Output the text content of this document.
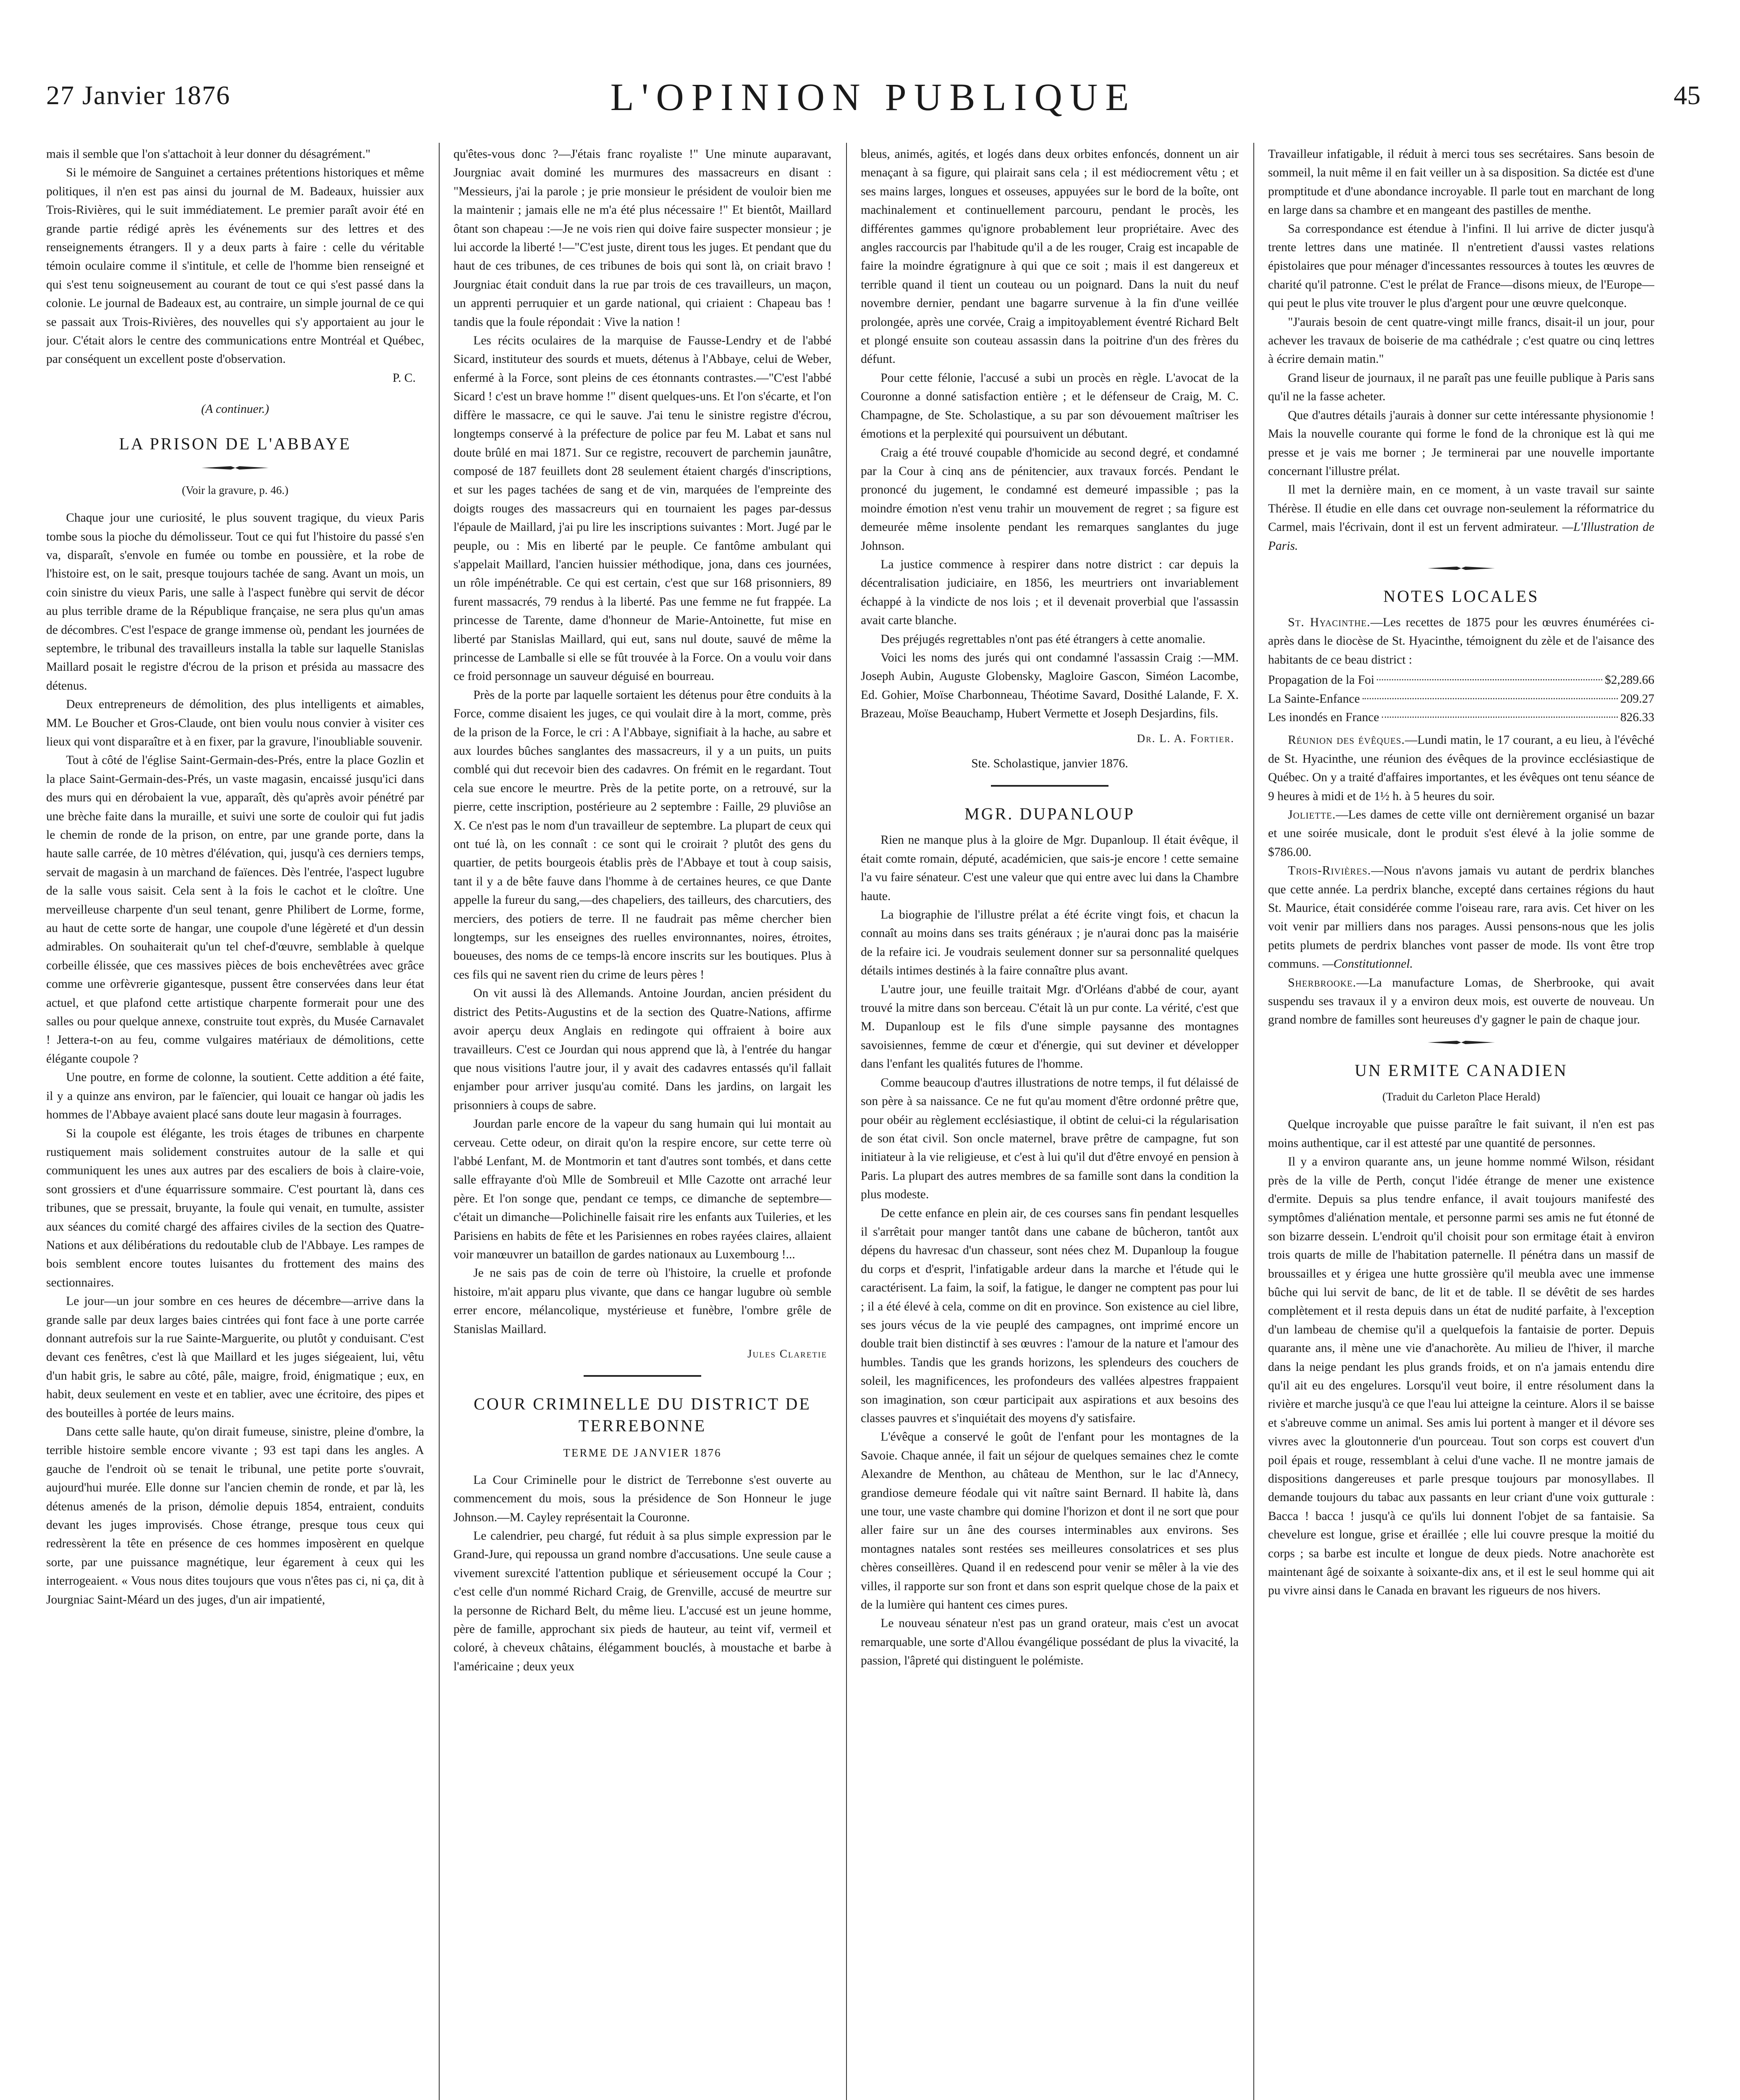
27 Janvier 1876	L'OPINION PUBLIQUE	45

mais il semble que l'on s'attachoit à leur donner du désagrément."

Si le mémoire de Sanguinet a certaines prétentions historiques et même politiques, il n'en est pas ainsi du journal de M. Badeaux, huissier aux Trois-Rivières, qui le suit immédiatement. Le premier paraît avoir été en grande partie rédigé après les événements sur des lettres et des renseignements étrangers. Il y a deux parts à faire : celle du véritable témoin oculaire comme il s'intitule, et celle de l'homme bien renseigné et qui s'est tenu soigneusement au courant de tout ce qui s'est passé dans la colonie. Le journal de Badeaux est, au contraire, un simple journal de ce qui se passait aux Trois-Rivières, des nouvelles qui s'y apportaient au jour le jour. C'était alors le centre des communications entre Montréal et Québec, par conséquent un excellent poste d'observation.

P. C.

(A continuer.)

LA PRISON DE L'ABBAYE

(Voir la gravure, p. 46.)

Chaque jour une curiosité, le plus souvent tragique, du vieux Paris tombe sous la pioche du démolisseur. Tout ce qui fut l'histoire du passé s'en va, disparaît, s'envole en fumée ou tombe en poussière, et la robe de l'histoire est, on le sait, presque toujours tachée de sang. Avant un mois, un coin sinistre du vieux Paris, une salle à l'aspect funèbre qui servit de décor au plus terrible drame de la République française, ne sera plus qu'un amas de décombres. C'est l'espace de grange immense où, pendant les journées de septembre, le tribunal des travailleurs installa la table sur laquelle Stanislas Maillard posait le registre d'écrou de la prison et présida au massacre des détenus.

Deux entrepreneurs de démolition, des plus intelligents et aimables, MM. Le Boucher et Gros-Claude, ont bien voulu nous convier à visiter ces lieux qui vont disparaître et à en fixer, par la gravure, l'inoubliable souvenir.

Tout à côté de l'église Saint-Germain-des-Prés, entre la place Gozlin et la place Saint-Germain-des-Prés, un vaste magasin, encaissé jusqu'ici dans des murs qui en dérobaient la vue, apparaît, dès qu'après avoir pénétré par une brèche faite dans la muraille, et suivi une sorte de couloir qui fut jadis le chemin de ronde de la prison, on entre, par une grande porte, dans la haute salle carrée, de 10 mètres d'élévation, qui, jusqu'à ces derniers temps, servait de magasin à un marchand de faïences. Dès l'entrée, l'aspect lugubre de la salle vous saisit. Cela sent à la fois le cachot et le cloître. Une merveilleuse charpente d'un seul tenant, genre Philibert de Lorme, forme, au haut de cette sorte de hangar, une coupole d'une légèreté et d'un dessin admirables. On souhaiterait qu'un tel chef-d'œuvre, semblable à quelque corbeille élissée, que ces massives pièces de bois enchevêtrées avec grâce comme une orfèvrerie gigantesque, pussent être conservées dans leur état actuel, et que plafond cette artistique charpente formerait pour une des salles ou pour quelque annexe, construite tout exprès, du Musée Carnavalet ! Jettera-t-on au feu, comme vulgaires matériaux de démolitions, cette élégante coupole ?

Une poutre, en forme de colonne, la soutient. Cette addition a été faite, il y a quinze ans environ, par le faïencier, qui louait ce hangar où jadis les hommes de l'Abbaye avaient placé sans doute leur magasin à fourrages.

Si la coupole est élégante, les trois étages de tribunes en charpente rustiquement mais solidement construites autour de la salle et qui communiquent les unes aux autres par des escaliers de bois à claire-voie, sont grossiers et d'une équarrissure sommaire. C'est pourtant là, dans ces tribunes, que se pressait, bruyante, la foule qui venait, en tumulte, assister aux séances du comité chargé des affaires civiles de la section des Quatre-Nations et aux délibérations du redoutable club de l'Abbaye. Les rampes de bois semblent encore toutes luisantes du frottement des mains des sectionnaires.

Le jour—un jour sombre en ces heures de décembre—arrive dans la grande salle par deux larges baies cintrées qui font face à une porte carrée donnant autrefois sur la rue Sainte-Marguerite, ou plutôt y conduisant. C'est devant ces fenêtres, c'est là que Maillard et les juges siégeaient, lui, vêtu d'un habit gris, le sabre au côté, pâle, maigre, froid, énigmatique ; eux, en habit, deux seulement en veste et en tablier, avec une écritoire, des pipes et des bouteilles à portée de leurs mains.

Dans cette salle haute, qu'on dirait fumeuse, sinistre, pleine d'ombre, la terrible histoire semble encore vivante ; 93 est tapi dans les angles. A gauche de l'endroit où se tenait le tribunal, une petite porte s'ouvrait, aujourd'hui murée. Elle donne sur l'ancien chemin de ronde, et par là, les détenus amenés de la prison, démolie depuis 1854, entraient, conduits devant les juges improvisés. Chose étrange, presque tous ceux qui redressèrent la tête en présence de ces hommes imposèrent en quelque sorte, par une puissance magnétique, leur égarement à ceux qui les interrogeaient. « Vous nous dites toujours que vous n'êtes pas ci, ni ça, dit à Jourgniac Saint-Méard un des juges, d'un air impatienté,

qu'êtes-vous donc ?—J'étais franc royaliste !" Une minute auparavant, Jourgniac avait dominé les murmures des massacreurs en disant : "Messieurs, j'ai la parole ; je prie monsieur le président de vouloir bien me la maintenir ; jamais elle ne m'a été plus nécessaire !" Et bientôt, Maillard ôtant son chapeau :—Je ne vois rien qui doive faire suspecter monsieur ; je lui accorde la liberté !—"C'est juste, dirent tous les juges. Et pendant que du haut de ces tribunes, de ces tribunes de bois qui sont là, on criait bravo ! Jourgniac était conduit dans la rue par trois de ces travailleurs, un maçon, un apprenti perruquier et un garde national, qui criaient : Chapeau bas ! tandis que la foule répondait : Vive la nation !

Les récits oculaires de la marquise de Fausse-Lendry et de l'abbé Sicard, instituteur des sourds et muets, détenus à l'Abbaye, celui de Weber, enfermé à la Force, sont pleins de ces étonnants contrastes.—"C'est l'abbé Sicard ! c'est un brave homme !" disent quelques-uns. Et l'on s'écarte, et l'on diffère le massacre, ce qui le sauve. J'ai tenu le sinistre registre d'écrou, longtemps conservé à la préfecture de police par feu M. Labat et sans nul doute brûlé en mai 1871. Sur ce registre, recouvert de parchemin jaunâtre, composé de 187 feuillets dont 28 seulement étaient chargés d'inscriptions, et sur les pages tachées de sang et de vin, marquées de l'empreinte des doigts rouges des massacreurs qui en tournaient les pages par-dessus l'épaule de Maillard, j'ai pu lire les inscriptions suivantes : Mort. Jugé par le peuple, ou : Mis en liberté par le peuple. Ce fantôme ambulant qui s'appelait Maillard, l'ancien huissier méthodique, jona, dans ces journées, un rôle impénétrable. Ce qui est certain, c'est que sur 168 prisonniers, 89 furent massacrés, 79 rendus à la liberté. Pas une femme ne fut frappée. La princesse de Tarente, dame d'honneur de Marie-Antoinette, fut mise en liberté par Stanislas Maillard, qui eut, sans nul doute, sauvé de même la princesse de Lamballe si elle se fût trouvée à la Force. On a voulu voir dans ce froid personnage un sauveur déguisé en bourreau.

Près de la porte par laquelle sortaient les détenus pour être conduits à la Force, comme disaient les juges, ce qui voulait dire à la mort, comme, près de la prison de la Force, le cri : A l'Abbaye, signifiait à la hache, au sabre et aux lourdes bûches sanglantes des massacreurs, il y a un puits, un puits comblé qui dut recevoir bien des cadavres. On frémit en le regardant. Tout cela sue encore le meurtre. Près de la petite porte, on a retrouvé, sur la pierre, cette inscription, postérieure au 2 septembre : Faille, 29 pluviôse an X. Ce n'est pas le nom d'un travailleur de septembre. La plupart de ceux qui ont tué là, on les connaît : ce sont qui le croirait ? plutôt des gens du quartier, de petits bourgeois établis près de l'Abbaye et tout à coup saisis, tant il y a de bête fauve dans l'homme à de certaines heures, ce que Dante appelle la fureur du sang,—des chapeliers, des tailleurs, des charcutiers, des merciers, des potiers de terre. Il ne faudrait pas même chercher bien longtemps, sur les enseignes des ruelles environnantes, noires, étroites, boueuses, des noms de ce temps-là encore inscrits sur les boutiques. Plus à ces fils qui ne savent rien du crime de leurs pères !

On vit aussi là des Allemands. Antoine Jourdan, ancien président du district des Petits-Augustins et de la section des Quatre-Nations, affirme avoir aperçu deux Anglais en redingote qui offraient à boire aux travailleurs. C'est ce Jourdan qui nous apprend que là, à l'entrée du hangar que nous visitions l'autre jour, il y avait des cadavres entassés qu'il fallait enjamber pour arriver jusqu'au comité. Dans les jardins, on largait les prisonniers à coups de sabre.

Jourdan parle encore de la vapeur du sang humain qui lui montait au cerveau. Cette odeur, on dirait qu'on la respire encore, sur cette terre où l'abbé Lenfant, M. de Montmorin et tant d'autres sont tombés, et dans cette salle effrayante d'où Mlle de Sombreuil et Mlle Cazotte ont arraché leur père. Et l'on songe que, pendant ce temps, ce dimanche de septembre—c'était un dimanche—Polichinelle faisait rire les enfants aux Tuileries, et les Parisiens en habits de fête et les Parisiennes en robes rayées claires, allaient voir manœuvrer un bataillon de gardes nationaux au Luxembourg !...

Je ne sais pas de coin de terre où l'histoire, la cruelle et profonde histoire, m'ait apparu plus vivante, que dans ce hangar lugubre où semble errer encore, mélancolique, mystérieuse et funèbre, l'ombre grêle de Stanislas Maillard.

Jules Claretie

COUR CRIMINELLE DU DISTRICT DE TERREBONNE

TERME DE JANVIER 1876

La Cour Criminelle pour le district de Terrebonne s'est ouverte au commencement du mois, sous la présidence de Son Honneur le juge Johnson.—M. Cayley représentait la Couronne.

Le calendrier, peu chargé, fut réduit à sa plus simple expression par le Grand-Jure, qui repoussa un grand nombre d'accusations. Une seule cause a vivement surexcité l'attention publique et sérieusement occupé la Cour ; c'est celle d'un nommé Richard Craig, de Grenville, accusé de meurtre sur la personne de Richard Belt, du même lieu. L'accusé est un jeune homme, père de famille, approchant six pieds de hauteur, au teint vif, vermeil et coloré, à cheveux châtains, élégamment bouclés, à moustache et barbe à l'américaine ; deux yeux

bleus, animés, agités, et logés dans deux orbites enfoncés, donnent un air menaçant à sa figure, qui plairait sans cela ; il est médiocrement vêtu ; et ses mains larges, longues et osseuses, appuyées sur le bord de la boîte, ont machinalement et continuellement parcouru, pendant le procès, les différentes gammes qu'ignore probablement leur propriétaire. Avec des angles raccourcis par l'habitude qu'il a de les rouger, Craig est incapable de faire la moindre égratignure à qui que ce soit ; mais il est dangereux et terrible quand il tient un couteau ou un poignard. Dans la nuit du neuf novembre dernier, pendant une bagarre survenue à la fin d'une veillée prolongée, après une corvée, Craig a impitoyablement éventré Richard Belt et plongé ensuite son couteau assassin dans la poitrine d'un des frères du défunt.

Pour cette félonie, l'accusé a subi un procès en règle. L'avocat de la Couronne a donné satisfaction entière ; et le défenseur de Craig, M. C. Champagne, de Ste. Scholastique, a su par son dévouement maîtriser les émotions et la perplexité qui poursuivent un débutant.

Craig a été trouvé coupable d'homicide au second degré, et condamné par la Cour à cinq ans de pénitencier, aux travaux forcés. Pendant le prononcé du jugement, le condamné est demeuré impassible ; pas la moindre émotion n'est venu trahir un mouvement de regret ; sa figure est demeurée même insolente pendant les remarques sanglantes du juge Johnson.

La justice commence à respirer dans notre district : car depuis la décentralisation judiciaire, en 1856, les meurtriers ont invariablement échappé à la vindicte de nos lois ; et il devenait proverbial que l'assassin avait carte blanche.

Des préjugés regrettables n'ont pas été étrangers à cette anomalie.

Voici les noms des jurés qui ont condamné l'assassin Craig :—MM. Joseph Aubin, Auguste Globensky, Magloire Gascon, Siméon Lacombe, Ed. Gohier, Moïse Charbonneau, Théotime Savard, Dosithé Lalande, F. X. Brazeau, Moïse Beauchamp, Hubert Vermette et Joseph Desjardins, fils.

Dr. L. A. Fortier.

Ste. Scholastique, janvier 1876.

MGR. DUPANLOUP

Rien ne manque plus à la gloire de Mgr. Dupanloup. Il était évêque, il était comte romain, député, académicien, que sais-je encore ! cette semaine l'a vu faire sénateur. C'est une valeur que qui entre avec lui dans la Chambre haute.

La biographie de l'illustre prélat a été écrite vingt fois, et chacun la connaît au moins dans ses traits généraux ; je n'aurai donc pas la maisérie de la refaire ici. Je voudrais seulement donner sur sa personnalité quelques détails intimes destinés à la faire connaître plus avant.

L'autre jour, une feuille traitait Mgr. d'Orléans d'abbé de cour, ayant trouvé la mitre dans son berceau. C'était là un pur conte. La vérité, c'est que M. Dupanloup est le fils d'une simple paysanne des montagnes savoisiennes, femme de cœur et d'énergie, qui sut deviner et développer dans l'enfant les qualités futures de l'homme.

Comme beaucoup d'autres illustrations de notre temps, il fut délaissé de son père à sa naissance. Ce ne fut qu'au moment d'être ordonné prêtre que, pour obéir au règlement ecclésiastique, il obtint de celui-ci la régularisation de son état civil. Son oncle maternel, brave prêtre de campagne, fut son initiateur à la vie religieuse, et c'est à lui qu'il dut d'être envoyé en pension à Paris. La plupart des autres membres de sa famille sont dans la condition la plus modeste.

De cette enfance en plein air, de ces courses sans fin pendant lesquelles il s'arrêtait pour manger tantôt dans une cabane de bûcheron, tantôt aux dépens du havresac d'un chasseur, sont nées chez M. Dupanloup la fougue du corps et d'esprit, l'infatigable ardeur dans la marche et l'étude qui le caractérisent. La faim, la soif, la fatigue, le danger ne comptent pas pour lui ; il a été élevé à cela, comme on dit en province. Son existence au ciel libre, ses jours vécus de la vie peuplé des campagnes, ont imprimé encore un double trait bien distinctif à ses œuvres : l'amour de la nature et l'amour des humbles. Tandis que les grands horizons, les splendeurs des couchers de soleil, les magnificences, les profondeurs des vallées alpestres frappaient son imagination, son cœur participait aux aspirations et aux besoins des classes pauvres et s'inquiétait des moyens d'y satisfaire.

L'évêque a conservé le goût de l'enfant pour les montagnes de la Savoie. Chaque année, il fait un séjour de quelques semaines chez le comte Alexandre de Menthon, au château de Menthon, sur le lac d'Annecy, grandiose demeure féodale qui vit naître saint Bernard. Il habite là, dans une tour, une vaste chambre qui domine l'horizon et dont il ne sort que pour aller faire sur un âne des courses interminables aux environs. Ses montagnes natales sont restées ses meilleures consolatrices et ses plus chères conseillères. Quand il en redescend pour venir se mêler à la vie des villes, il rapporte sur son front et dans son esprit quelque chose de la paix et de la lumière qui hantent ces cimes pures.

Le nouveau sénateur n'est pas un grand orateur, mais c'est un avocat remarquable, une sorte d'Allou évangélique possédant de plus la vivacité, la passion, l'âpreté qui distinguent le polémiste.

Travailleur infatigable, il réduit à merci tous ses secrétaires. Sans besoin de sommeil, la nuit même il en fait veiller un à sa disposition. Sa dictée est d'une promptitude et d'une abondance incroyable. Il parle tout en marchant de long en large dans sa chambre et en mangeant des pastilles de menthe.

Sa correspondance est étendue à l'infini. Il lui arrive de dicter jusqu'à trente lettres dans une matinée. Il n'entretient d'aussi vastes relations épistolaires que pour ménager d'incessantes ressources à toutes les œuvres de charité qu'il patronne. C'est le prélat de France—disons mieux, de l'Europe—qui peut le plus vite trouver le plus d'argent pour une œuvre quelconque.

"J'aurais besoin de cent quatre-vingt mille francs, disait-il un jour, pour achever les travaux de boiserie de ma cathédrale ; c'est quatre ou cinq lettres à écrire demain matin."

Grand liseur de journaux, il ne paraît pas une feuille publique à Paris sans qu'il ne la fasse acheter.

Que d'autres détails j'aurais à donner sur cette intéressante physionomie ! Mais la nouvelle courante qui forme le fond de la chronique est là qui me presse et je vais me borner ; Je terminerai par une nouvelle importante concernant l'illustre prélat.

Il met la dernière main, en ce moment, à un vaste travail sur sainte Thérèse. Il étudie en elle dans cet ouvrage non-seulement la réformatrice du Carmel, mais l'écrivain, dont il est un fervent admirateur. —L'Illustration de Paris.

NOTES LOCALES

St. Hyacinthe.—Les recettes de 1875 pour les œuvres énumérées ci-après dans le diocèse de St. Hyacinthe, témoignent du zèle et de l'aisance des habitants de ce beau district :

Propagation de la Foi	$2,289.66
La Sainte-Enfance	209.27
Les inondés en France	826.33

Réunion des évêques.—Lundi matin, le 17 courant, a eu lieu, à l'évêché de St. Hyacinthe, une réunion des évêques de la province ecclésiastique de Québec. On y a traité d'affaires importantes, et les évêques ont tenu séance de 9 heures à midi et de 1½ h. à 5 heures du soir.

Joliette.—Les dames de cette ville ont dernièrement organisé un bazar et une soirée musicale, dont le produit s'est élevé à la jolie somme de $786.00.

Trois-Rivières.—Nous n'avons jamais vu autant de perdrix blanches que cette année. La perdrix blanche, excepté dans certaines régions du haut St. Maurice, était considérée comme l'oiseau rare, rara avis. Cet hiver on les voit venir par milliers dans nos parages. Aussi pensons-nous que les jolis petits plumets de perdrix blanches vont passer de mode. Ils vont être trop communs. —Constitutionnel.

Sherbrooke.—La manufacture Lomas, de Sherbrooke, qui avait suspendu ses travaux il y a environ deux mois, est ouverte de nouveau. Un grand nombre de familles sont heureuses d'y gagner le pain de chaque jour.

UN ERMITE CANADIEN

(Traduit du Carleton Place Herald)

Quelque incroyable que puisse paraître le fait suivant, il n'en est pas moins authentique, car il est attesté par une quantité de personnes.

Il y a environ quarante ans, un jeune homme nommé Wilson, résidant près de la ville de Perth, conçut l'idée étrange de mener une existence d'ermite. Depuis sa plus tendre enfance, il avait toujours manifesté des symptômes d'aliénation mentale, et personne parmi ses amis ne fut étonné de son bizarre dessein. L'endroit qu'il choisit pour son ermitage était à environ trois quarts de mille de l'habitation paternelle. Il pénétra dans un massif de broussailles et y érigea une hutte grossière qu'il meubla avec une immense bûche qui lui servit de banc, de lit et de table. Il se dévêtit de ses hardes complètement et il resta depuis dans un état de nudité parfaite, à l'exception d'un lambeau de chemise qu'il a quelquefois la fantaisie de porter. Depuis quarante ans, il mène une vie d'anachorète. Au milieu de l'hiver, il marche dans la neige pendant les plus grands froids, et on n'a jamais entendu dire qu'il ait eu des engelures. Lorsqu'il veut boire, il entre résolument dans la rivière et marche jusqu'à ce que l'eau lui atteigne la ceinture. Alors il se baisse et s'abreuve comme un animal. Ses amis lui portent à manger et il dévore ses vivres avec la gloutonnerie d'un pourceau. Tout son corps est couvert d'un poil épais et rouge, ressemblant à celui d'une vache. Il ne montre jamais de dispositions dangereuses et parle presque toujours par monosyllabes. Il demande toujours du tabac aux passants en leur criant d'une voix gutturale : Bacca ! bacca ! jusqu'à ce qu'ils lui donnent l'objet de sa fantaisie. Sa chevelure est longue, grise et éraillée ; elle lui couvre presque la moitié du corps ; sa barbe est inculte et longue de deux pieds. Notre anachorète est maintenant âgé de soixante à soixante-dix ans, et il est le seul homme qui ait pu vivre ainsi dans le Canada en bravant les rigueurs de nos hivers.
